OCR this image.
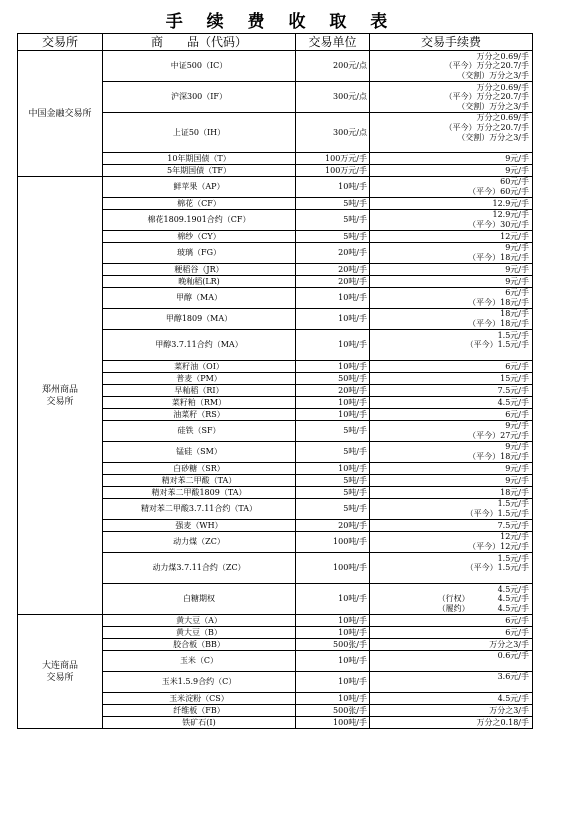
手 续 费 收 取 表
交易所	商　　品（代码）	交易单位	交易手续费

中国金融交易所	中证500（IC）	200元/点	万分之0.69/手
（平今）万分之20.7/手
（交割）万分之3/手

	沪深300（IF）	300元/点	万分之0.69/手
（平今）万分之20.7/手
（交割）万分之3/手

	上证50（IH）	300元/点	万分之0.69/手
（平今）万分之20.7/手
（交割）万分之3/手

	10年期国债（T）	100万元/手	9元/手

	5年期国债（TF）	100万元/手	9元/手

郑州商品
交易所	鲜苹果（AP）	10吨/手	60元/手
（平今）60元/手

	棉花（CF）	5吨/手	12.9元/手

	棉花1809.1901合约（CF）	5吨/手	12.9元/手
（平今）30元/手

	棉纱（CY）	5吨/手	12元/手

	玻璃（FG）	20吨/手	9元/手
（平今）18元/手

	粳稻谷（JR）	20吨/手	9元/手

	晚籼稻(LR)	20吨/手	9元/手

	甲醇（MA）	10吨/手	6元/手
（平今）18元/手

	甲醇1809（MA）	10吨/手	18元/手
（平今）18元/手

	甲醇3.7.11合约（MA）	10吨/手	1.5元/手
（平今）1.5元/手

	菜籽油（OI）	10吨/手	6元/手

	普麦（PM）	50吨/手	15元/手

	早籼稻（RI）	20吨/手	7.5元/手

	菜籽粕（RM）	10吨/手	4.5元/手

	油菜籽（RS）	10吨/手	6元/手

	硅铁（SF）	5吨/手	9元/手
（平今）27元/手

	锰硅（SM）	5吨/手	9元/手
（平今）18元/手

	白砂糖（SR）	10吨/手	9元/手

	精对苯二甲酸（TA）	5吨/手	9元/手

	精对苯二甲酸1809（TA）	5吨/手	18元/手

	精对苯二甲酸3.7.11合约（TA）	5吨/手	1.5元/手
（平今）1.5元/手

	强麦（WH）	20吨/手	7.5元/手

	动力煤（ZC）	100吨/手	12元/手
（平今）12元/手

	动力煤3.7.11合约（ZC）	100吨/手	1.5元/手
（平今）1.5元/手

	白糖期权	10吨/手	4.5元/手
（行权）　　　　4.5元/手
（履约）　　　　4.5元/手

大连商品
交易所	黄大豆（A）	10吨/手	6元/手

	黄大豆（B）	10吨/手	6元/手

	胶合板（BB）	500张/手	万分之3/手

	玉米（C）	10吨/手	0.6元/手

	玉米1.5.9合约（C）	10吨/手	3.6元/手

	玉米淀粉（CS）	10吨/手	4.5元/手

	纤维板（FB）	500张/手	万分之3/手

	铁矿石(I)	100吨/手	万分之0.18/手
